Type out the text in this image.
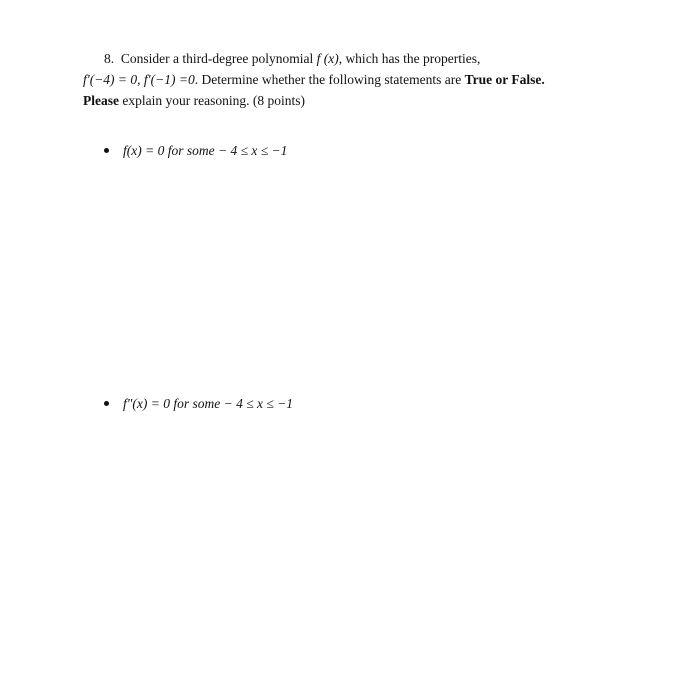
8. Consider a third-degree polynomial f (x), which has the properties,
f′(−4) = 0, f′(−1) =0. Determine whether the following statements are True or False.
Please explain your reasoning. (8 points)
f(x) = 0 for some − 4 ≤ x ≤ −1
f″(x) = 0 for some − 4 ≤ x ≤ −1
